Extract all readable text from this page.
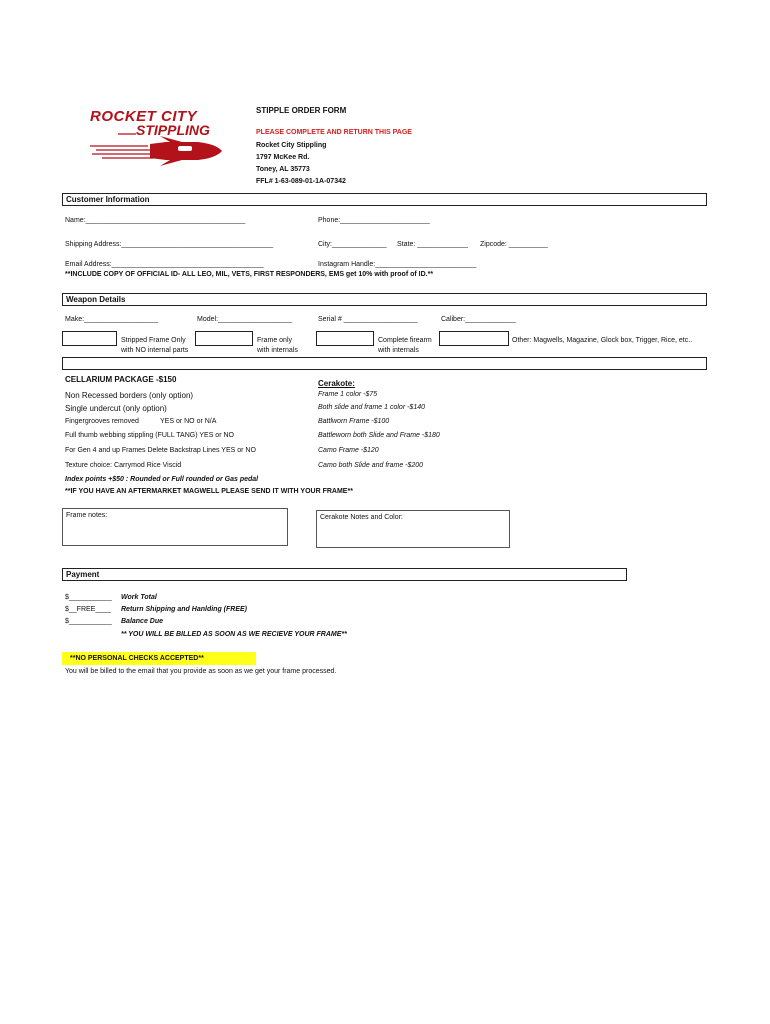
ROCKET CITY
STIPPLING
STIPPLE ORDER FORM
PLEASE COMPLETE AND RETURN THIS PAGE
Rocket City Stippling
1797 McKee Rd.
Toney, AL 35773
FFL# 1-63-089-01-1A-07342
Customer Information
Name:_________________________________________	Phone:_______________________
Shipping Address:_______________________________________	City:______________ State: _____________ Zipcode: __________
Email Address:_______________________________________	Instagram Handle:__________________________
**INCLUDE COPY OF OFFICIAL ID- ALL LEO, MIL, VETS, FIRST RESPONDERS, EMS get 10% with proof of ID.**
Weapon Details
Make:___________________	Model:___________________	Serial # ___________________	Caliber:_____________
Stripped Frame Only
with NO internal parts
Frame only
with internals
Complete firearm
with internals
Other: Magwells, Magazine, Glock box, Trigger, Rice, etc..
CELLARIUM PACKAGE -$150
Non Recessed borders (only option)
Single undercut (only option)
Fingergrooves removed	YES or NO or N/A
Full thumb webbing stippling (FULL TANG) YES or NO
For Gen 4 and up Frames Delete Backstrap Lines YES or NO
Texture choice: Carrymod Rice Viscid
Index points +$50 : Rounded or Full rounded or Gas pedal
**IF YOU HAVE AN AFTERMARKET MAGWELL PLEASE SEND IT WITH YOUR FRAME**
Cerakote:
Frame 1 color -$75
Both slide and frame 1 color -$140
Battlworn Frame -$100
Battleworn both Slide and Frame -$180
Camo Frame -$120
Camo both Slide and frame -$200
Frame notes:	Cerakote Notes and Color:
Payment
$___________ Work Total
$__FREE____ Return Shipping and Hanlding (FREE)
$___________ Balance Due
** YOU WILL BE BILLED AS SOON AS WE RECIEVE YOUR FRAME**
**NO PERSONAL CHECKS ACCEPTED**
You will be billed to the email that you provide as soon as we get your frame processed.
